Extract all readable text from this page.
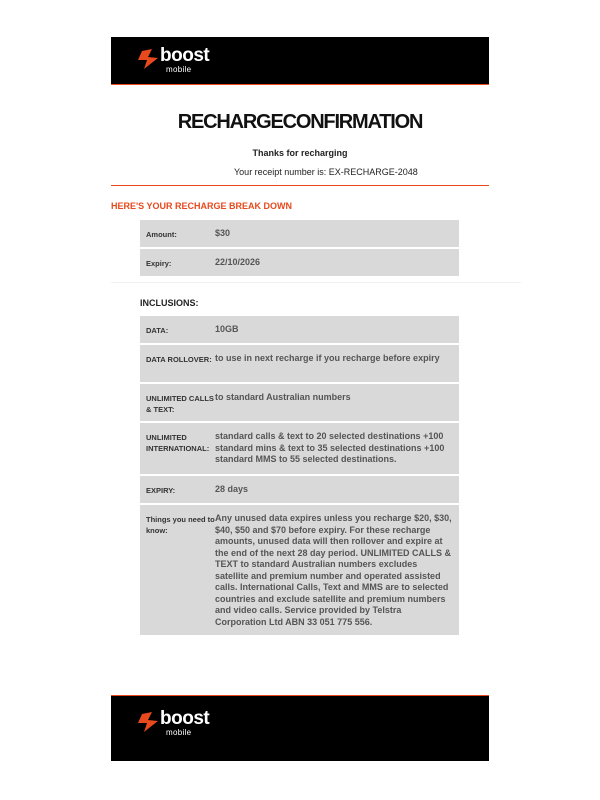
boost
mobile
RECHARGECONFIRMATION
Thanks for recharging
Your receipt number is: EX-RECHARGE-2048
HERE'S YOUR RECHARGE BREAK DOWN
Amount:	$30
Expiry:	22/10/2026
INCLUSIONS:
DATA:	10GB
DATA ROLLOVER: to use in next recharge if you recharge before expiry
UNLIMITED CALLS & TEXT:
to standard Australian numbers
UNLIMITED INTERNATIONAL:
standard calls & text to 20 selected destinations +100 standard mins & text to 35 selected destinations +100 standard MMS to 55 selected destinations.
EXPIRY:	28 days
Things you need to know:
Any unused data expires unless you recharge $20, $30, $40, $50 and $70 before expiry. For these recharge amounts, unused data will then rollover and expire at the end of the next 28 day period. UNLIMITED CALLS & TEXT to standard Australian numbers excludes satellite and premium number and operated assisted calls. International Calls, Text and MMS are to selected countries and exclude satellite and premium numbers and video calls. Service provided by Telstra Corporation Ltd ABN 33 051 775 556.
boost
mobile
